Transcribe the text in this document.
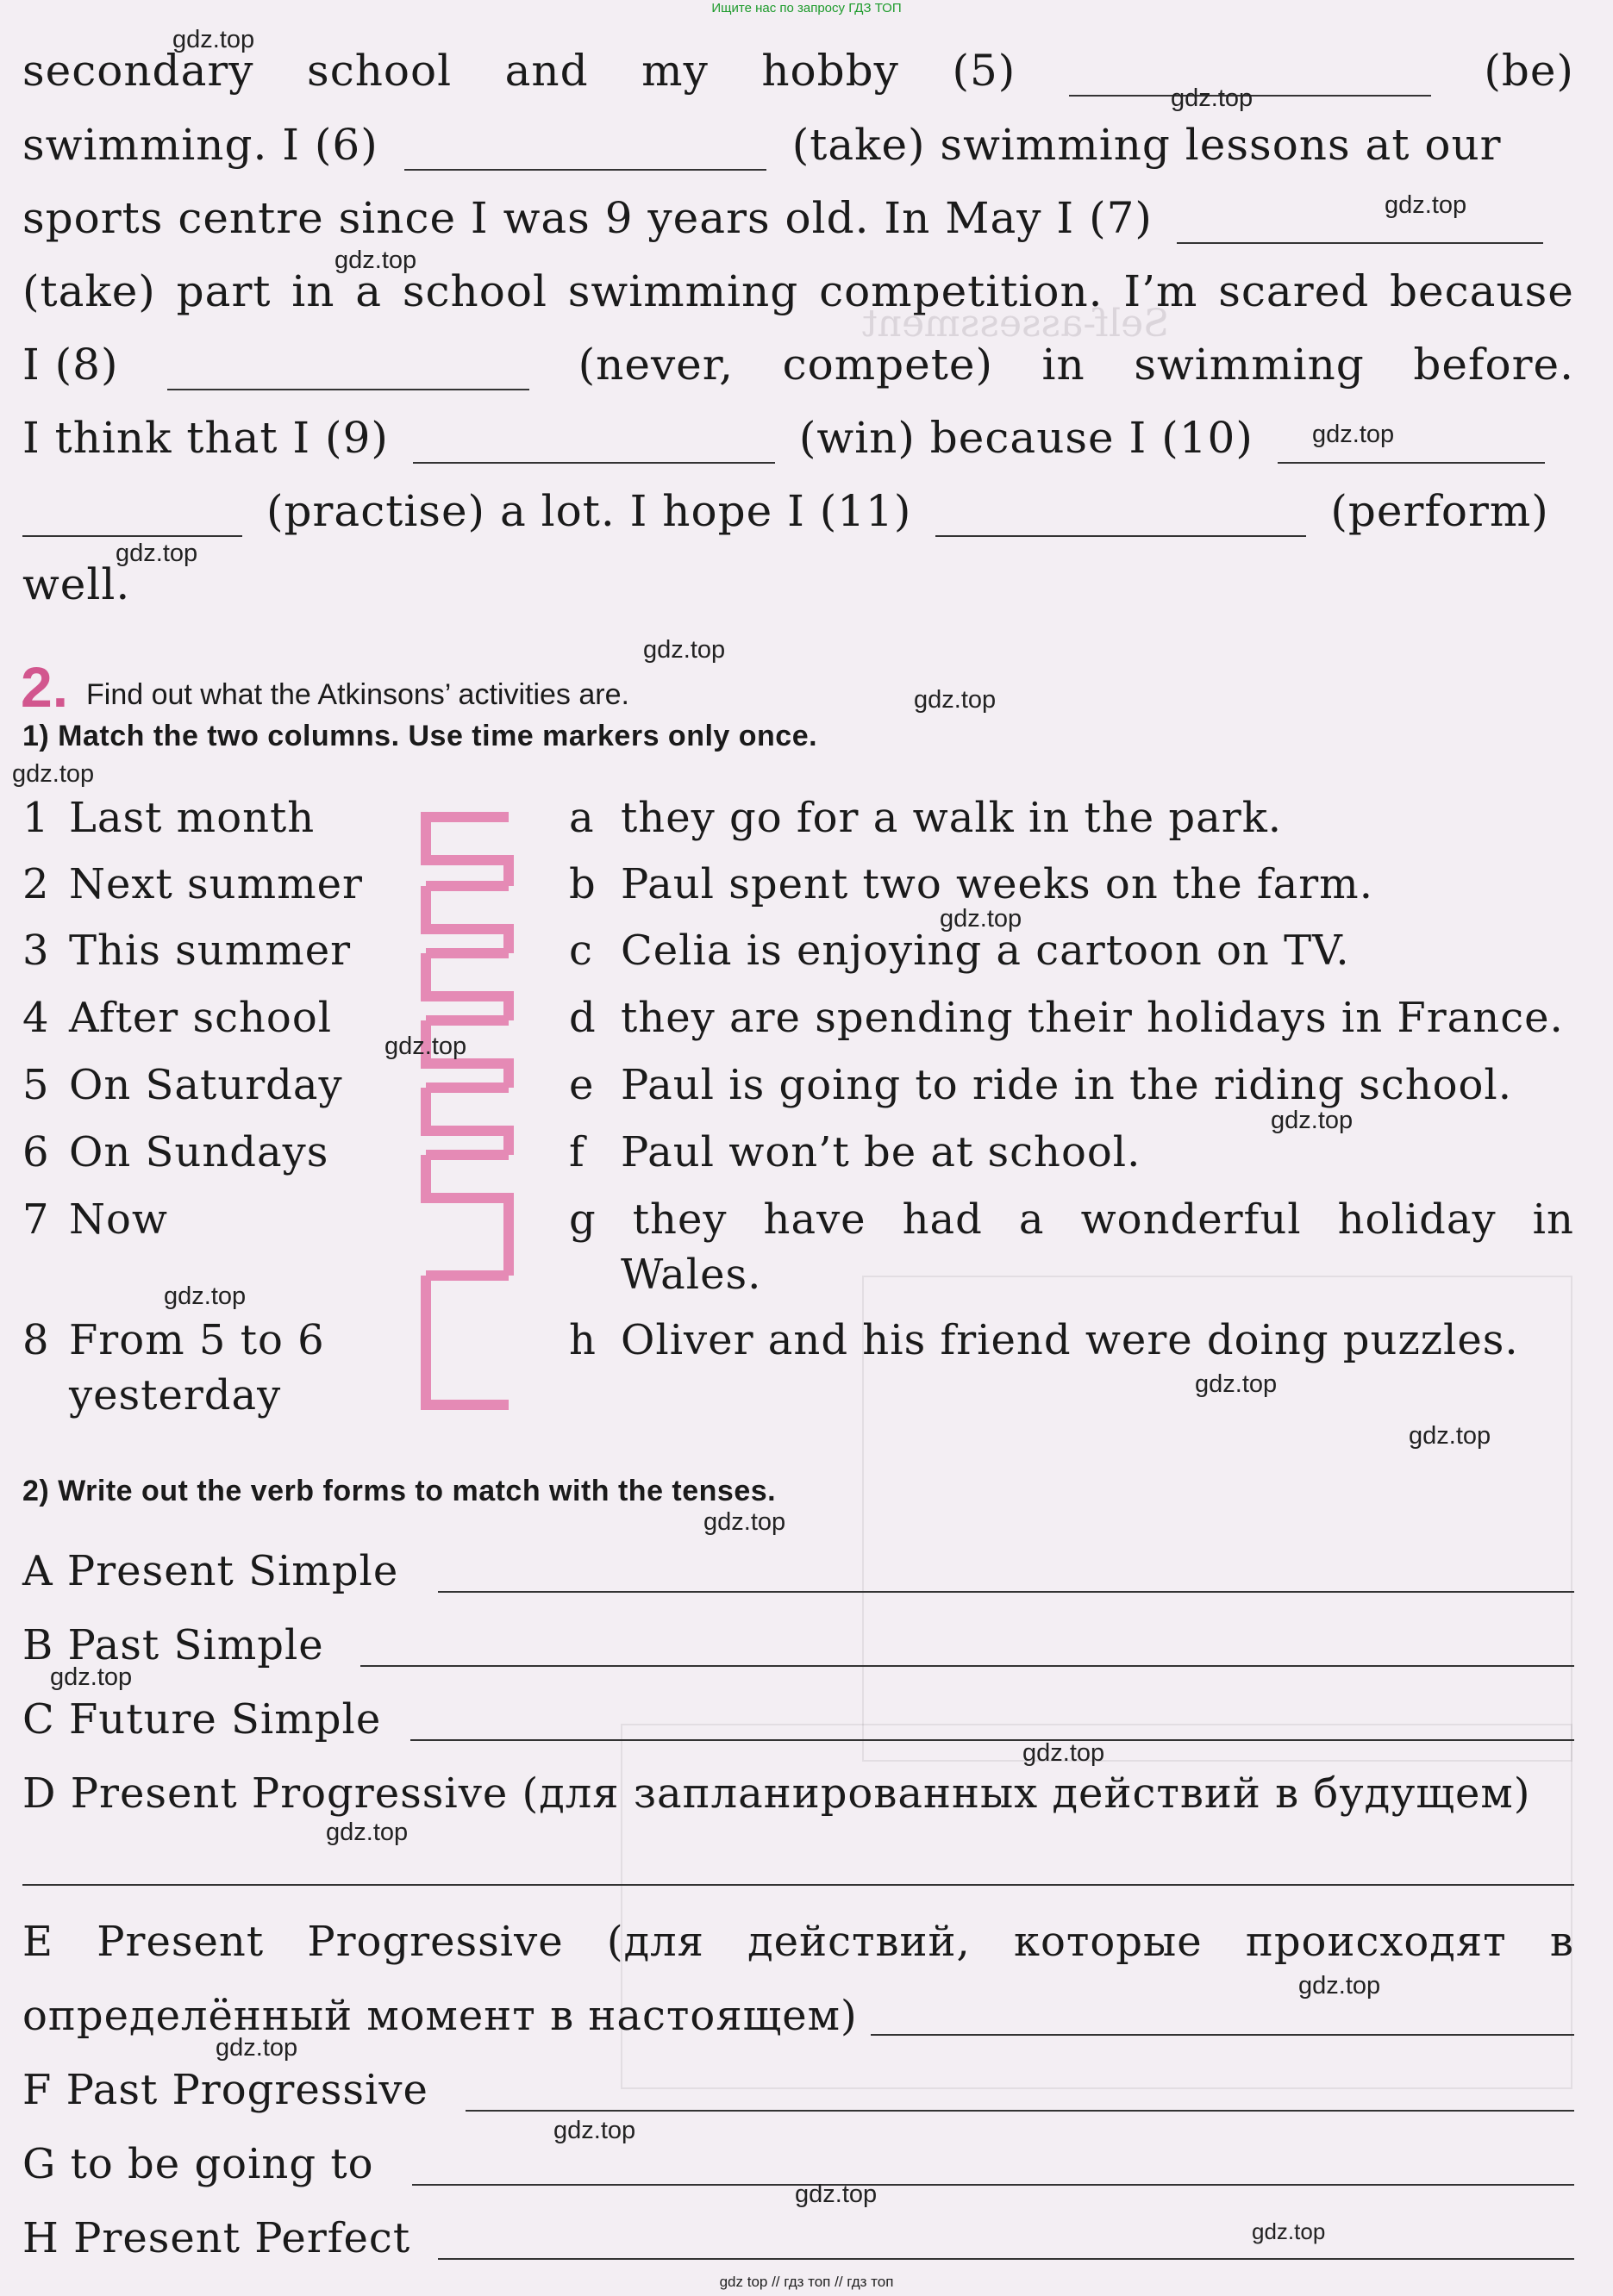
Self-assessment
Ищите нас по запросу ГДЗ ТОП
secondary school and my hobby (5)	(be)
swimming. I (6)	(take) swimming lessons at our
sports centre since I was 9 years old. In May I (7)
(take) part in a school swimming competition. I’m scared because
I (8)	(never, compete) in swimming before.
I think that I (9)	(win) because I (10)
(practise) a lot. I hope I (11)	(perform)
well.
2. Find out what the Atkinsons’ activities are.
1) Match the two columns. Use time markers only once.
1 Last month
2 Next summer
3 This summer
4 After school
5 On Saturday
6 On Sundays
7 Now
8 From 5 to 6
yesterday
a they go for a walk in the park.
b Paul spent two weeks on the farm.
c Celia is enjoying a cartoon on TV.
d they are spending their holidays in France.
e Paul is going to ride in the riding school.
f Paul won’t be at school.
g they have had a wonderful holiday in
Wales.
h Oliver and his friend were doing puzzles.
2) Write out the verb forms to match with the tenses.
A Present Simple
B Past Simple
C Future Simple
D Present Progressive (для запланированных действий в будущем)
E Present Progressive (для действий, которые происходят в
определённый момент в настоящем)
F Past Progressive
G to be going to
H Present Perfect
gdz.top
gdz.top
gdz.top
gdz.top
gdz.top
gdz.top
gdz.top
gdz.top
gdz.top
gdz.top
gdz.top
gdz.top
gdz.top
gdz.top
gdz.top
gdz.top
gdz.top
gdz.top
gdz.top
gdz.top
gdz.top
gdz.top
gdz.top
gdz.top
gdz top // гдз топ // гдз топ
